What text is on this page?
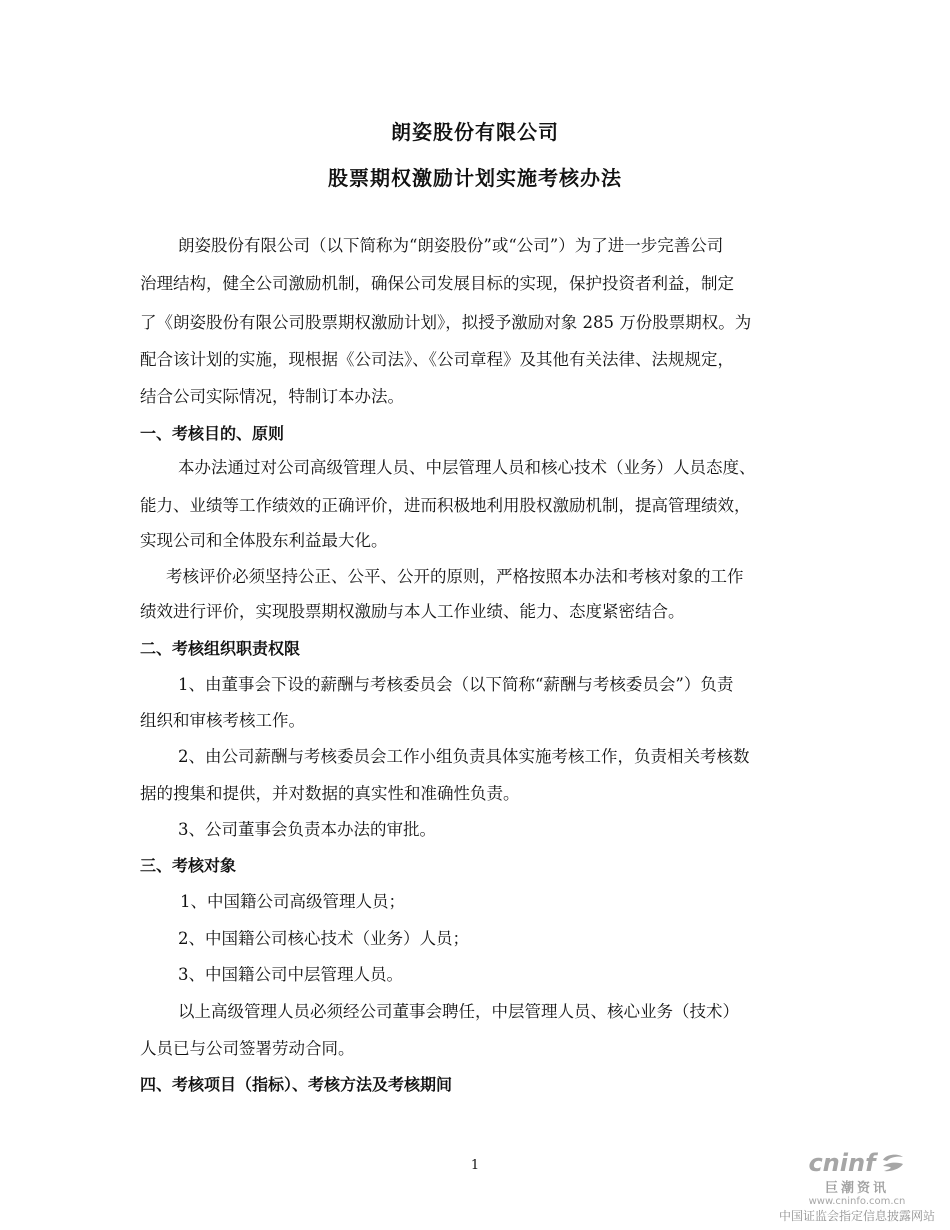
朗姿股份有限公司
股票期权激励计划实施考核办法
朗姿股份有限公司（以下简称为“朗姿股份”或“公司”）为了进一步完善公司
治理结构，健全公司激励机制，确保公司发展目标的实现，保护投资者利益，制定
了《朗姿股份有限公司股票期权激励计划》，拟授予激励对象 285 万份股票期权。为
配合该计划的实施，现根据《公司法》、《公司章程》及其他有关法律、法规规定，
结合公司实际情况，特制订本办法。
一、考核目的、原则
本办法通过对公司高级管理人员、中层管理人员和核心技术（业务）人员态度、
能力、业绩等工作绩效的正确评价，进而积极地利用股权激励机制，提高管理绩效，
实现公司和全体股东利益最大化。
考核评价必须坚持公正、公平、公开的原则，严格按照本办法和考核对象的工作
绩效进行评价，实现股票期权激励与本人工作业绩、能力、态度紧密结合。
二、考核组织职责权限
1、由董事会下设的薪酬与考核委员会（以下简称“薪酬与考核委员会”）负责
组织和审核考核工作。
2、由公司薪酬与考核委员会工作小组负责具体实施考核工作，负责相关考核数
据的搜集和提供，并对数据的真实性和准确性负责。
3、公司董事会负责本办法的审批。
三、考核对象
1、中国籍公司高级管理人员；
2、中国籍公司核心技术（业务）人员；
3、中国籍公司中层管理人员。
以上高级管理人员必须经公司董事会聘任，中层管理人员、核心业务（技术）
人员已与公司签署劳动合同。
四、考核项目（指标）、考核方法及考核期间
1	cninf
巨潮资讯
www.cninfo.com.cn
中国证监会指定信息披露网站
